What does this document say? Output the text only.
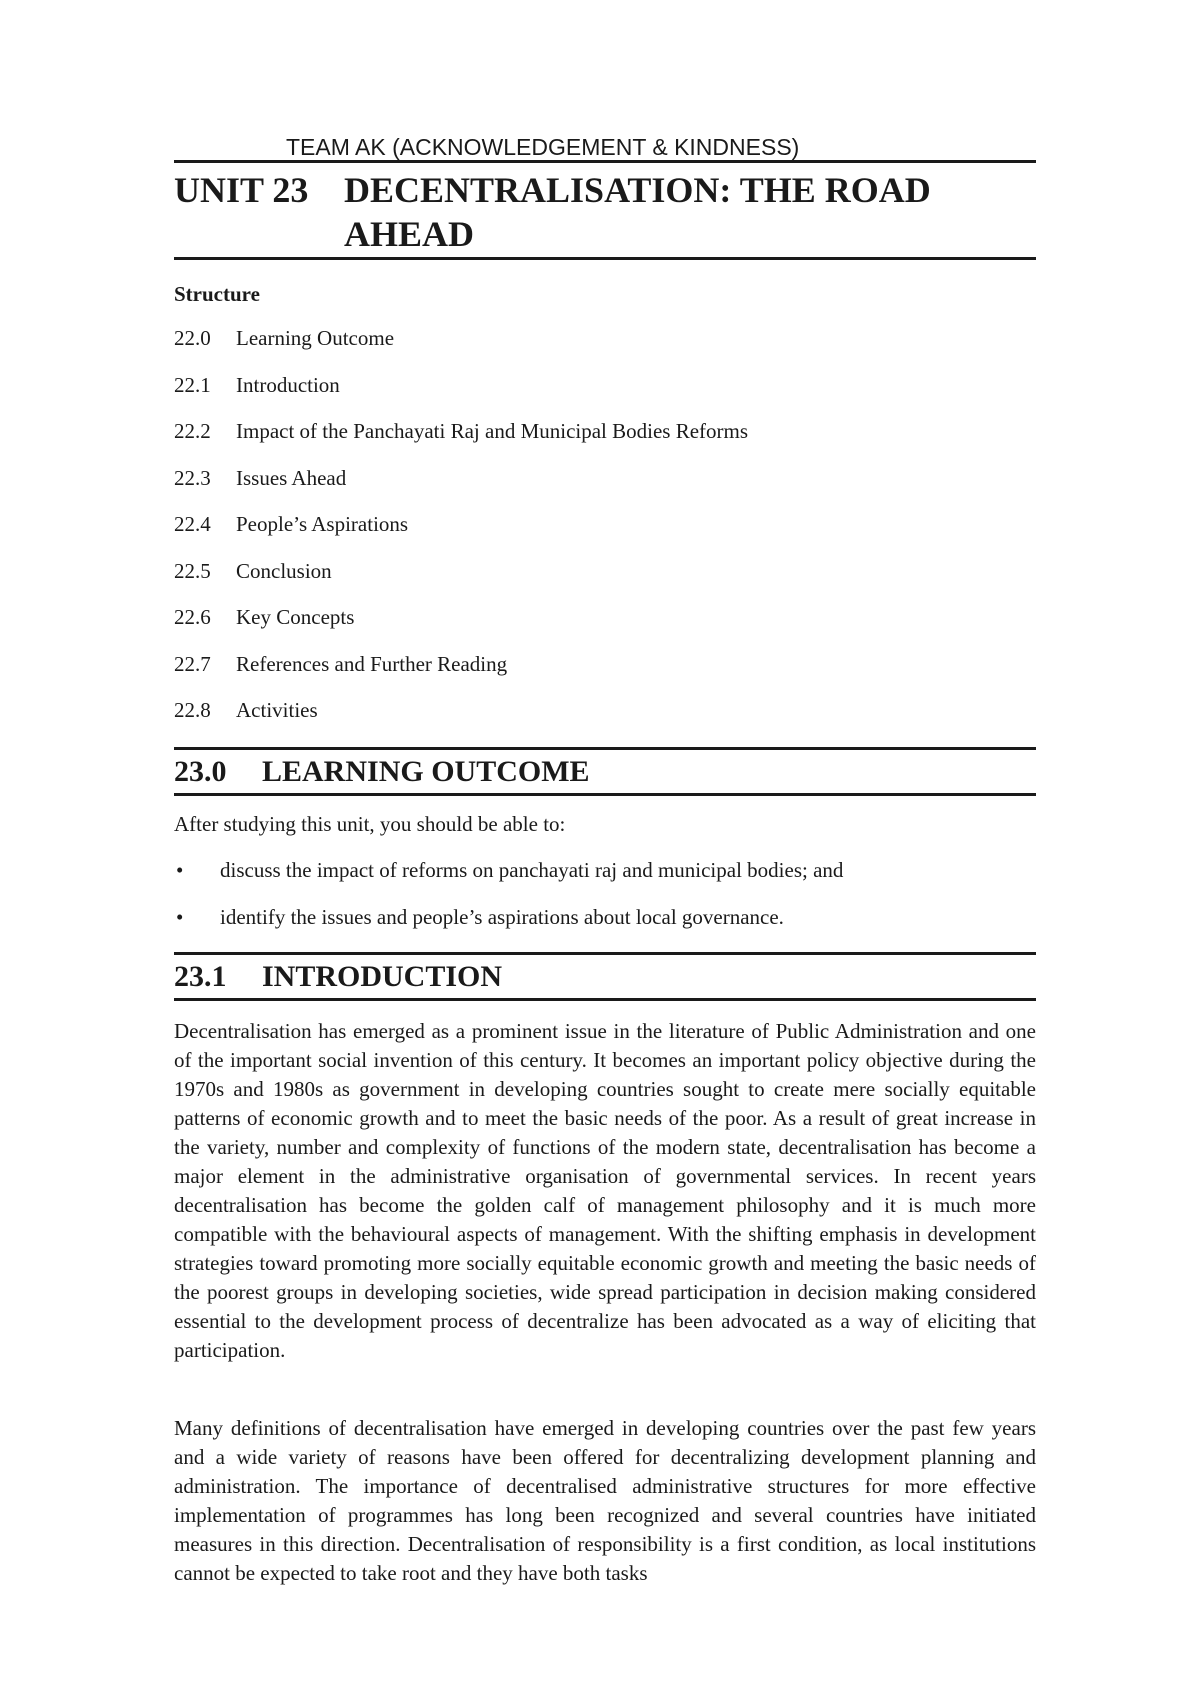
TEAM AK (ACKNOWLEDGEMENT & KINDNESS)
UNIT 23 DECENTRALISATION: THE ROAD AHEAD
Structure
22.0 Learning Outcome
22.1 Introduction
22.2 Impact of the Panchayati Raj and Municipal Bodies Reforms
22.3 Issues Ahead
22.4 People’s Aspirations
22.5 Conclusion
22.6 Key Concepts
22.7 References and Further Reading
22.8 Activities
23.0 LEARNING OUTCOME
After studying this unit, you should be able to:
• discuss the impact of reforms on panchayati raj and municipal bodies; and
• identify the issues and people’s aspirations about local governance.
23.1 INTRODUCTION

Decentralisation has emerged as a prominent issue in the literature of Public Administration and one of the important social invention of this century. It becomes an important policy objective during the 1970s and 1980s as government in developing countries sought to create mere socially equitable patterns of economic growth and to meet the basic needs of the poor. As a result of great increase in the variety, number and complexity of functions of the modern state, decentralisation has become a major element in the administrative organisation of governmental services. In recent years decentralisation has become the golden calf of management philosophy and it is much more compatible with the behavioural aspects of management. With the shifting emphasis in development strategies toward promoting more socially equitable economic growth and meeting the basic needs of the poorest groups in developing societies, wide spread participation in decision making considered essential to the development process of decentralize has been advocated as a way of eliciting that participation.

Many definitions of decentralisation have emerged in developing countries over the past few years and a wide variety of reasons have been offered for decentralizing development planning and administration. The importance of decentralised administrative structures for more effective implementation of programmes has long been recognized and several countries have initiated measures in this direction. Decentralisation of responsibility is a first condition, as local institutions cannot be expected to take root and they have both tasks
